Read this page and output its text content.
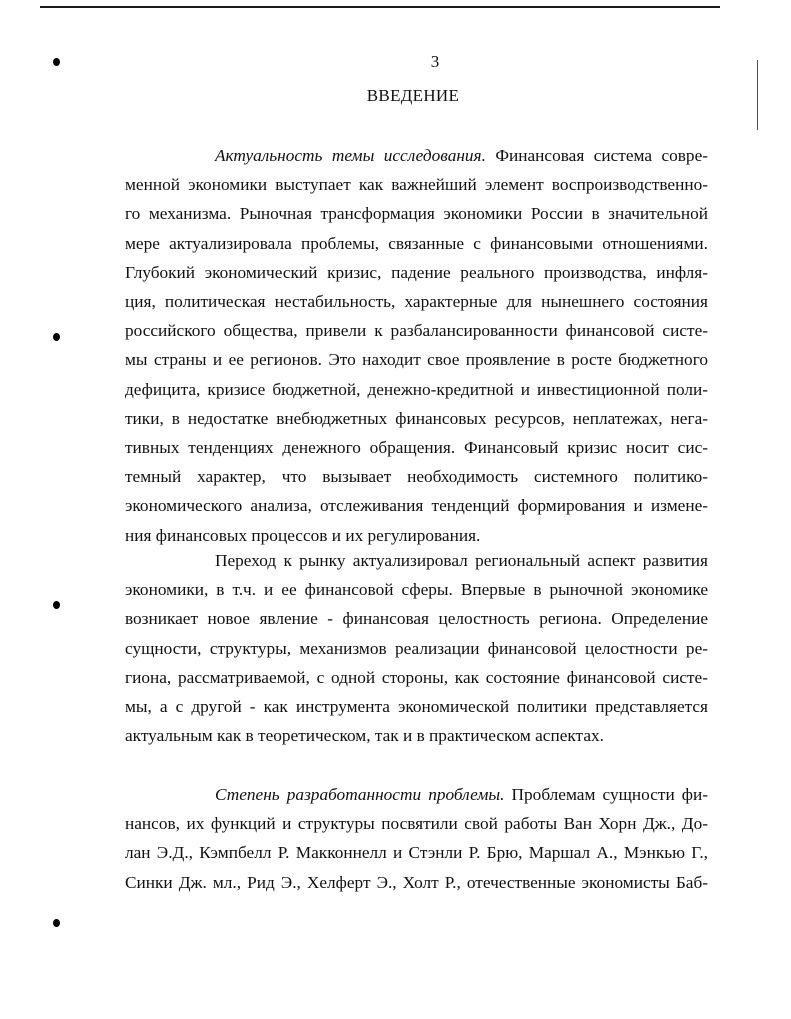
3
ВВЕДЕНИЕ

Актуальность темы исследования. Финансовая система совре-
менной экономики выступает как важнейший элемент воспроизводственно-
го механизма. Рыночная трансформация экономики России в значительной
мере актуализировала проблемы, связанные с финансовыми отношениями.
Глубокий экономический кризис, падение реального производства, инфля-
ция, политическая нестабильность, характерные для нынешнего состояния
российского общества, привели к разбалансированности финансовой систе-
мы страны и ее регионов. Это находит свое проявление в росте бюджетного
дефицита, кризисе бюджетной, денежно-кредитной и инвестиционной поли-
тики, в недостатке внебюджетных финансовых ресурсов, неплатежах, нега-
тивных тенденциях денежного обращения. Финансовый кризис носит сис-
темный характер, что вызывает необходимость системного политико-
экономического анализа, отслеживания тенденций формирования и измене-
ния финансовых процессов и их регулирования.

Переход к рынку актуализировал региональный аспект развития
экономики, в т.ч. и ее финансовой сферы. Впервые в рыночной экономике
возникает новое явление - финансовая целостность региона. Определение
сущности, структуры, механизмов реализации финансовой целостности ре-
гиона, рассматриваемой, с одной стороны, как состояние финансовой систе-
мы, а с другой - как инструмента экономической политики представляется
актуальным как в теоретическом, так и в практическом аспектах.

Степень разработанности проблемы. Проблемам сущности фи-
нансов, их функций и структуры посвятили свой работы Ван Хорн Дж., До-
лан Э.Д., Кэмпбелл Р. Макконнелл и Стэнли Р. Брю, Маршал А., Мэнкью Г.,
Синки Дж. мл., Рид Э., Хелферт Э., Холт Р., отечественные экономисты Баб-
